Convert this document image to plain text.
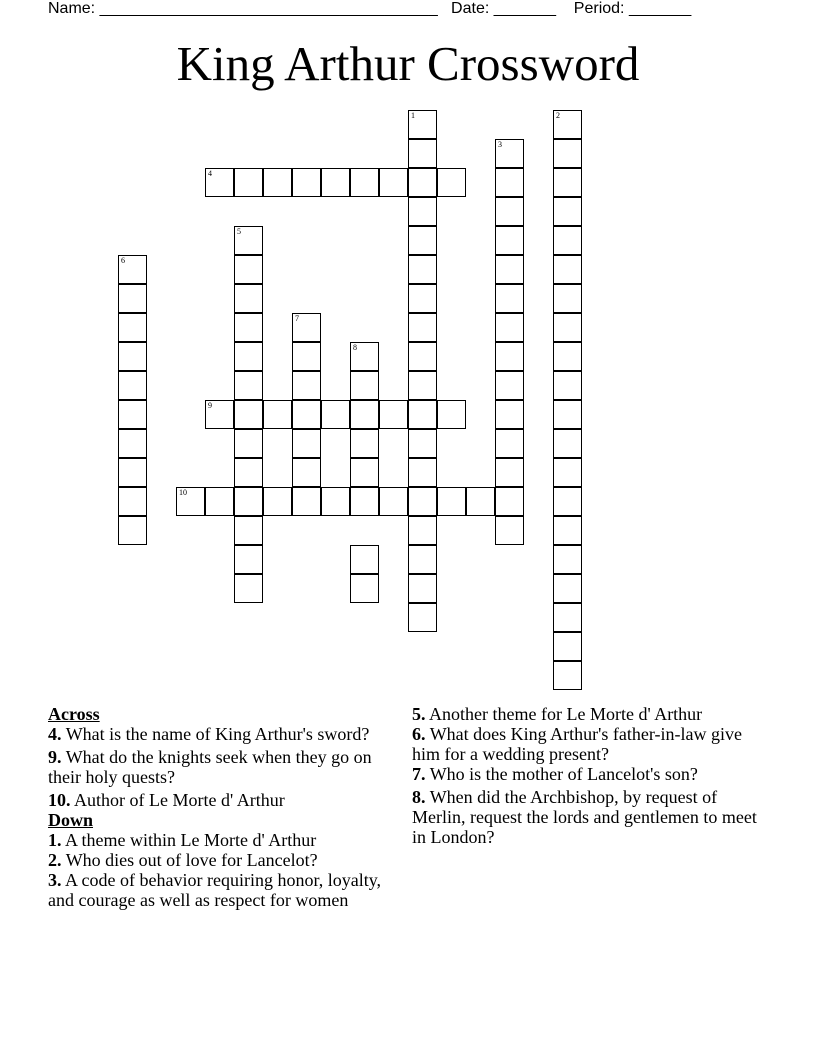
Name: ______________________________________   Date: _______    Period: _______
King Arthur Crossword
1	2
3
4
5
6
7
8
9
10
Across
4. What is the name of King Arthur's sword?
9. What do the knights seek when they go on their holy quests?
10. Author of Le Morte d' Arthur
Down
1. A theme within Le Morte d' Arthur
2. Who dies out of love for Lancelot?
3. A code of behavior requiring honor, loyalty, and courage as well as respect for women
5. Another theme for Le Morte d' Arthur
6. What does King Arthur's father-in-law give him for a wedding present?
7. Who is the mother of Lancelot's son?
8. When did the Archbishop, by request of Merlin, request the lords and gentlemen to meet in London?
